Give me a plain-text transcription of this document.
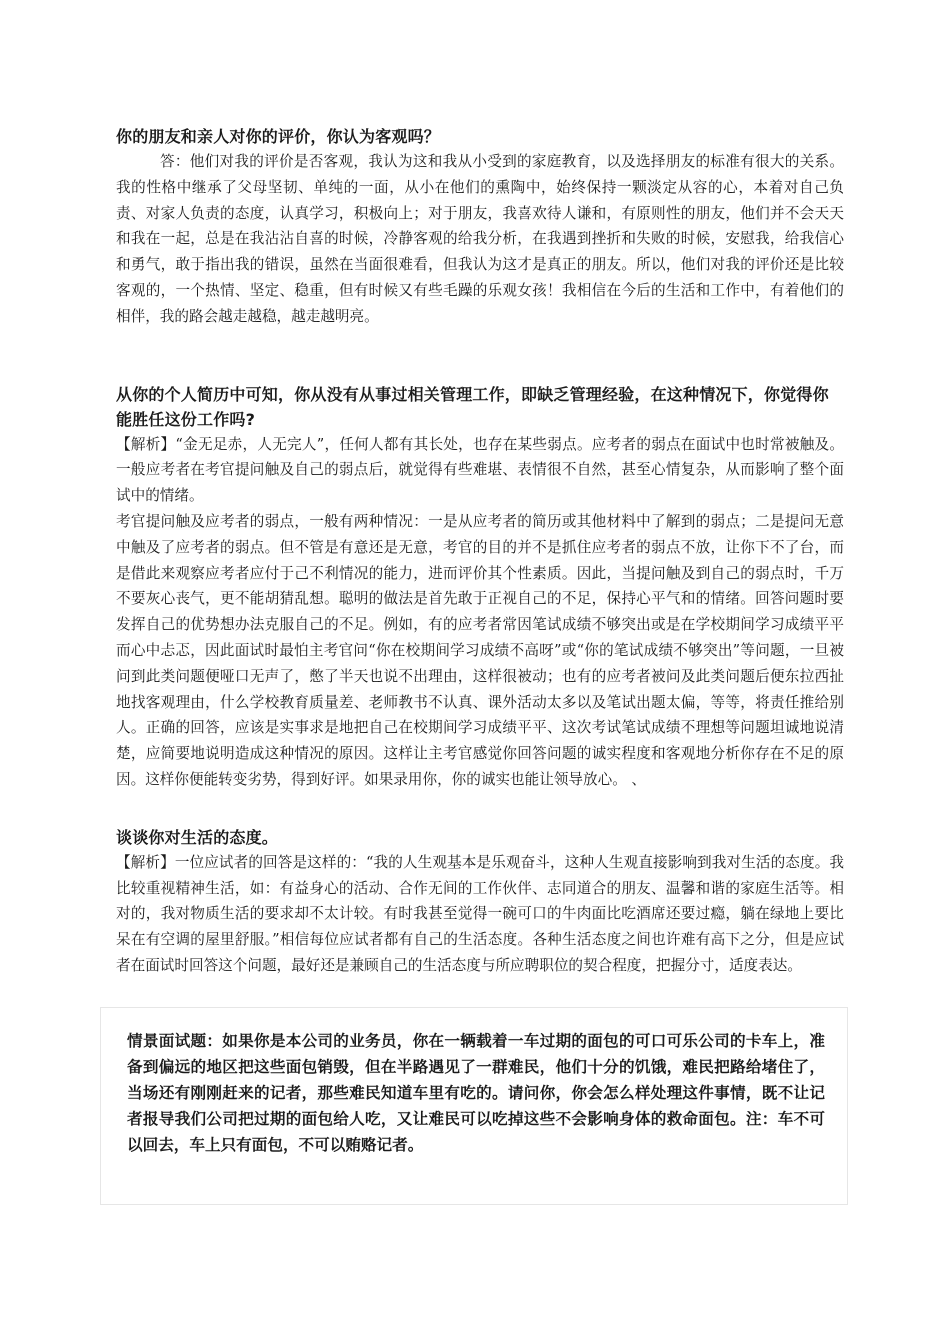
你的朋友和亲人对你的评价，你认为客观吗？

答：他们对我的评价是否客观，我认为这和我从小受到的家庭教育，以及选择朋友的标准有很大的关系。我的性格中继承了父母坚韧、单纯的一面，从小在他们的熏陶中，始终保持一颗淡定从容的心，本着对自己负责、对家人负责的态度，认真学习，积极向上；对于朋友，我喜欢待人谦和，有原则性的朋友，他们并不会天天和我在一起，总是在我沾沾自喜的时候，冷静客观的给我分析，在我遇到挫折和失败的时候，安慰我，给我信心和勇气，敢于指出我的错误，虽然在当面很难看，但我认为这才是真正的朋友。所以，他们对我的评价还是比较客观的，一个热情、坚定、稳重，但有时候又有些毛躁的乐观女孩！我相信在今后的生活和工作中，有着他们的相伴，我的路会越走越稳，越走越明亮。

从你的个人简历中可知，你从没有从事过相关管理工作，即缺乏管理经验，在这种情况下，你觉得你能胜任这份工作吗?

【解析】“金无足赤，人无完人”，任何人都有其长处，也存在某些弱点。应考者的弱点在面试中也时常被触及。一般应考者在考官提问触及自己的弱点后，就觉得有些难堪、表情很不自然，甚至心情复杂，从而影响了整个面试中的情绪。

考官提问触及应考者的弱点，一般有两种情况：一是从应考者的简历或其他材料中了解到的弱点；二是提问无意中触及了应考者的弱点。但不管是有意还是无意，考官的目的并不是抓住应考者的弱点不放，让你下不了台，而是借此来观察应考者应付于己不利情况的能力，进而评价其个性素质。因此，当提问触及到自己的弱点时，千万不要灰心丧气，更不能胡猜乱想。聪明的做法是首先敢于正视自己的不足，保持心平气和的情绪。回答问题时要发挥自己的优势想办法克服自己的不足。例如，有的应考者常因笔试成绩不够突出或是在学校期间学习成绩平平而心中忐忑，因此面试时最怕主考官问“你在校期间学习成绩不高呀”或“你的笔试成绩不够突出”等问题，一旦被问到此类问题便哑口无声了，憋了半天也说不出理由，这样很被动；也有的应考者被问及此类问题后便东拉西扯地找客观理由，什么学校教育质量差、老师教书不认真、课外活动太多以及笔试出题太偏，等等，将责任推给别人。正确的回答，应该是实事求是地把自己在校期间学习成绩平平、这次考试笔试成绩不理想等问题坦诚地说清楚，应简要地说明造成这种情况的原因。这样让主考官感觉你回答问题的诚实程度和客观地分析你存在不足的原因。这样你便能转变劣势，得到好评。如果录用你，你的诚实也能让领导放心。 、

谈谈你对生活的态度。

【解析】一位应试者的回答是这样的：“我的人生观基本是乐观奋斗，这种人生观直接影响到我对生活的态度。我比较重视精神生活，如：有益身心的活动、合作无间的工作伙伴、志同道合的朋友、温馨和谐的家庭生活等。相对的，我对物质生活的要求却不太计较。有时我甚至觉得一碗可口的牛肉面比吃酒席还要过瘾，躺在绿地上要比呆在有空调的屋里舒服。”相信每位应试者都有自己的生活态度。各种生活态度之间也许难有高下之分，但是应试者在面试时回答这个问题，最好还是兼顾自己的生活态度与所应聘职位的契合程度，把握分寸，适度表达。

情景面试题：如果你是本公司的业务员，你在一辆载着一车过期的面包的可口可乐公司的卡车上，准备到偏远的地区把这些面包销毁，但在半路遇见了一群难民，他们十分的饥饿，难民把路给堵住了，当场还有刚刚赶来的记者，那些难民知道车里有吃的。请问你，你会怎么样处理这件事情，既不让记者报导我们公司把过期的面包给人吃，又让难民可以吃掉这些不会影响身体的救命面包。注：车不可以回去，车上只有面包，不可以贿赂记者。
